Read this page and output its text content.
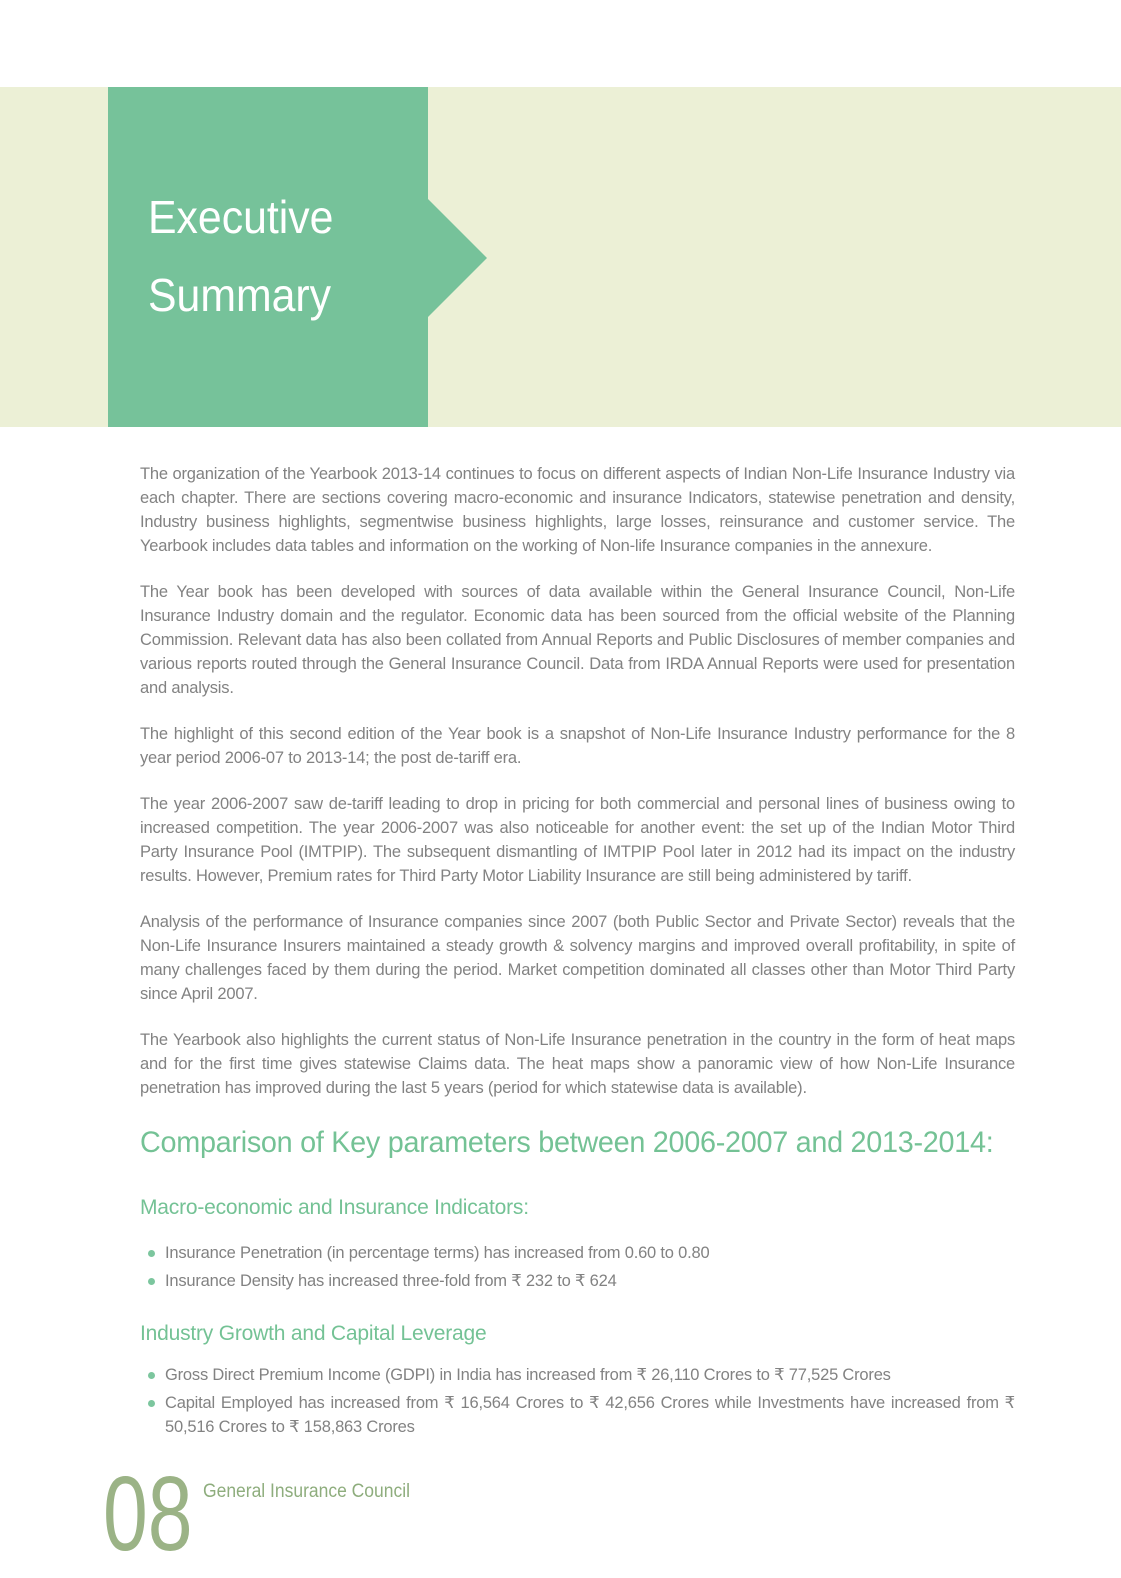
Executive
Summary

The organization of the Yearbook 2013-14 continues to focus on different aspects of Indian Non-Life Insurance Industry via each chapter. There are sections covering macro-economic and insurance Indicators, statewise penetration and density, Industry business highlights, segmentwise business highlights, large losses, reinsurance and customer service. The Yearbook includes data tables and information on the working of Non-life Insurance companies in the annexure.

The Year book has been developed with sources of data available within the General Insurance Council, Non-Life Insurance Industry domain and the regulator. Economic data has been sourced from the official website of the Planning Commission. Relevant data has also been collated from Annual Reports and Public Disclosures of member companies and various reports routed through the General Insurance Council. Data from IRDA Annual Reports were used for presentation and analysis.

The highlight of this second edition of the Year book is a snapshot of Non-Life Insurance Industry performance for the 8 year period 2006-07 to 2013-14; the post de-tariff era.

The year 2006-2007 saw de-tariff leading to drop in pricing for both commercial and personal lines of business owing to increased competition. The year 2006-2007 was also noticeable for another event: the set up of the Indian Motor Third Party Insurance Pool (IMTPIP). The subsequent dismantling of IMTPIP Pool later in 2012 had its impact on the industry results. However, Premium rates for Third Party Motor Liability Insurance are still being administered by tariff.

Analysis of the performance of Insurance companies since 2007 (both Public Sector and Private Sector) reveals that the Non-Life Insurance Insurers maintained a steady growth & solvency margins and improved overall profitability, in spite of many challenges faced by them during the period. Market competition dominated all classes other than Motor Third Party since April 2007.

The Yearbook also highlights the current status of Non-Life Insurance penetration in the country in the form of heat maps and for the first time gives statewise Claims data. The heat maps show a panoramic view of how Non-Life Insurance penetration has improved during the last 5 years (period for which statewise data is available).

Comparison of Key parameters between 2006-2007 and 2013-2014:
Macro-economic and Insurance Indicators:
Insurance Penetration (in percentage terms) has increased from 0.60 to 0.80
Insurance Density has increased three-fold from ₹ 232 to ₹ 624
Industry Growth and Capital Leverage
Gross Direct Premium Income (GDPI) in India has increased from ₹ 26,110 Crores to ₹ 77,525 Crores
Capital Employed has increased from ₹ 16,564 Crores to ₹ 42,656 Crores while Investments have increased from ₹ 50,516 Crores to ₹ 158,863 Crores
08 General Insurance Council
